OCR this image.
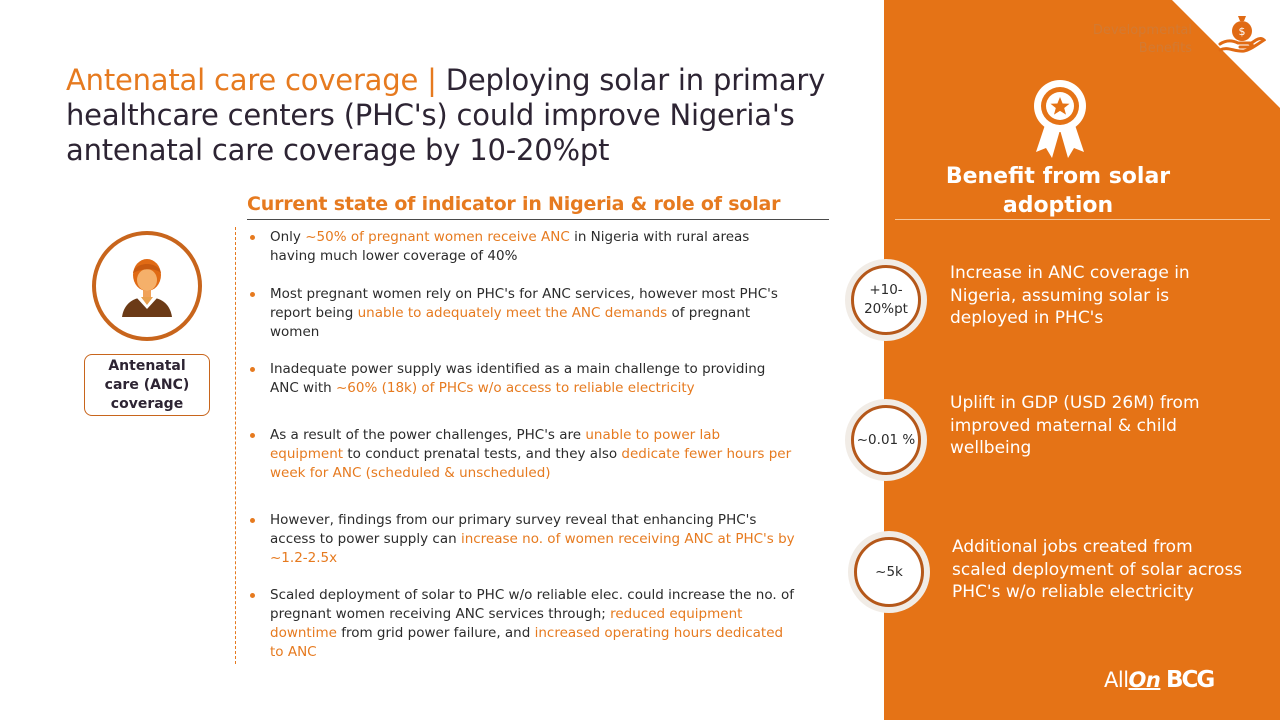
Antenatal care coverage | Deploying solar in primary healthcare centers (PHC's) could improve Nigeria's antenatal care coverage by 10-20%pt
Current state of indicator in Nigeria & role of solar
Antenatal care (ANC) coverage
Only ~50% of pregnant women receive ANC in Nigeria with rural areas having much lower coverage of 40%
Most pregnant women rely on PHC's for ANC services, however most PHC's report being unable to adequately meet the ANC demands of pregnant women
Inadequate power supply was identified as a main challenge to providing ANC with ~60% (18k) of PHCs w/o access to reliable electricity
As a result of the power challenges, PHC's are unable to power lab equipment to conduct prenatal tests, and they also dedicate fewer hours per week for ANC (scheduled & unscheduled)
However, findings from our primary survey reveal that enhancing PHC's access to power supply can increase no. of women receiving ANC at PHC's by ~1.2-2.5x
Scaled deployment of solar to PHC w/o reliable elec. could increase the no. of pregnant women receiving ANC services through; reduced equipment downtime from grid power failure, and increased operating hours dedicated to ANC
Developmental Benefits
$
Benefit from solar adoption
+10-20%pt
Increase in ANC coverage in Nigeria, assuming solar is deployed in PHC's
~0.01 %
Uplift in GDP (USD 26M) from improved maternal & child wellbeing
~5k
Additional jobs created from scaled deployment of solar across PHC's w/o reliable electricity
AllOn BCG
